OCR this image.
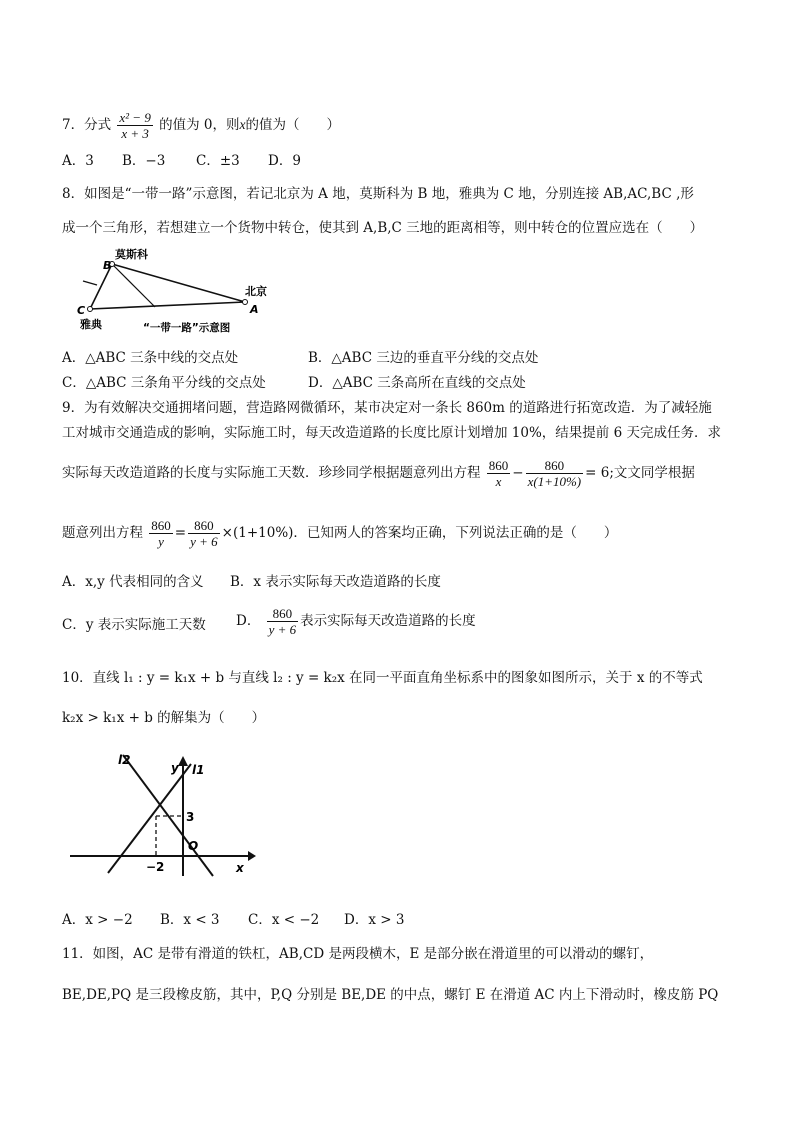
7．分式 $\frac{\text{x² − 9}}{x + 3}$ 的值为 0，则x的值为（　　）
A．3 B．−3 C．±3 D．9
8．如图是“一带一路”示意图，若记北京为 A 地，莫斯科为 B 地，雅典为 C 地，分别连接 AB,AC,BC ,形
成一个三角形，若想建立一个货物中转仓，使其到 A,B,C 三地的距离相等，则中转仓的位置应选在（　　）
莫斯科
B
北京
A
C
雅典	“一带一路”示意图
A．△ABC 三条中线的交点处	B．△ABC 三边的垂直平分线的交点处
C．△ABC 三条角平分线的交点处	D．△ABC 三条高所在直线的交点处
9．为有效解决交通拥堵问题，营造路网微循环，某市决定对一条长 860m 的道路进行拓宽改造．为了减轻施
工对城市交通造成的影响，实际施工时，每天改造道路的长度比原计划增加 10%，结果提前 6 天完成任务．求
实际每天改造道路的长度与实际施工天数．珍珍同学根据题意列出方程 $\frac{860}{x} - \frac{860}{x(1+10\%)} = 6$;文文同学根据
题意列出方程 $\frac{860}{y} = \frac{860}{y + 6} \times(1+10\%)$．已知两人的答案均正确，下列说法正确的是（　　）
A．x,y 代表相同的含义 B．x 表示实际每天改造道路的长度
C．y 表示实际施工天数 D． $\frac{860}{y + 6}$ 表示实际每天改造道路的长度
10．直线 l₁ : y = k₁x + b 与直线 l₂ : y = k₂x 在同一平面直角坐标系中的图象如图所示，关于 x 的不等式
k₂x > k₁x + b 的解集为（　　）
l2
y l1
3
O
−2	x
A．x > −2 B．x < 3 C．x < −2 D．x > 3
11．如图，AC 是带有滑道的铁杠，AB,CD 是两段横木，E 是部分嵌在滑道里的可以滑动的螺钉，
BE,DE,PQ 是三段橡皮筋，其中，P,Q 分别是 BE,DE 的中点，螺钉 E 在滑道 AC 内上下滑动时，橡皮筋 PQ
